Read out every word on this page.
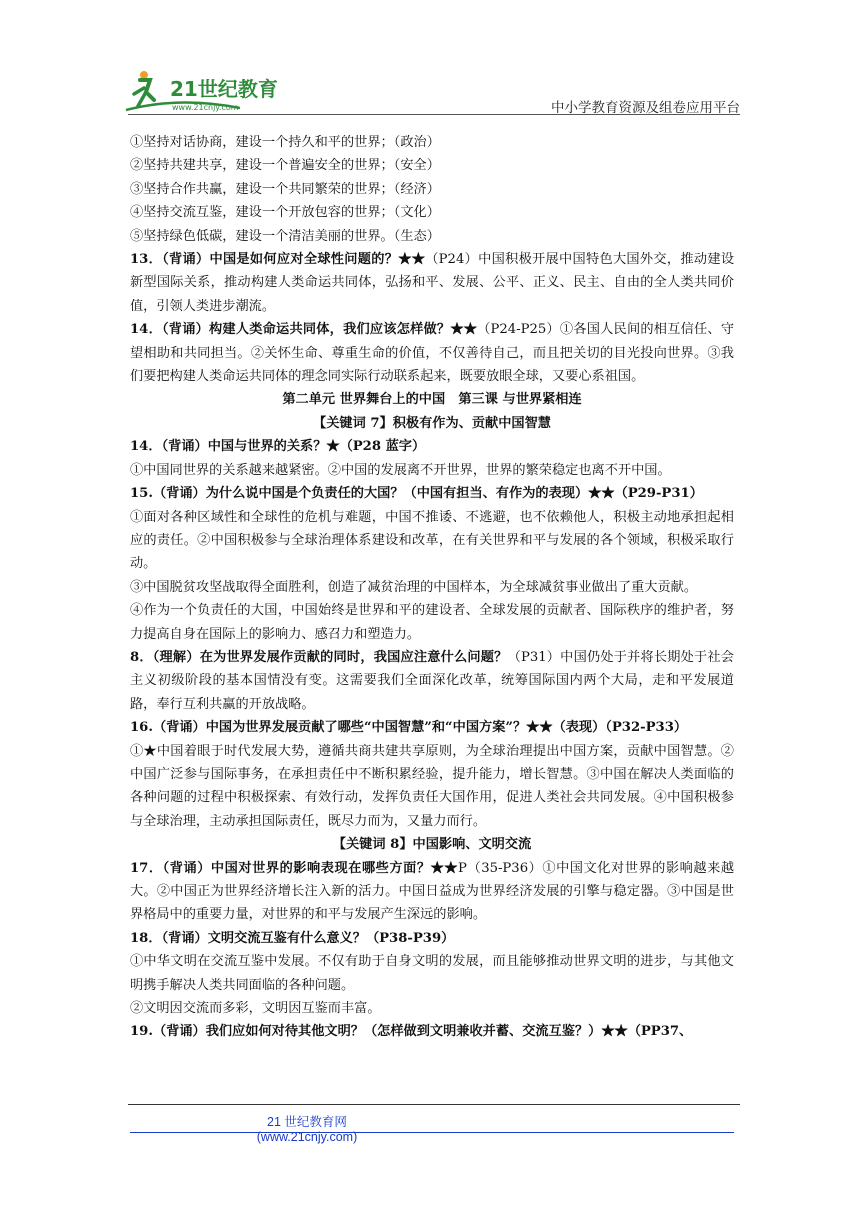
21世纪教育
www.21cnjy.com	中小学教育资源及组卷应用平台

①坚持对话协商，建设一个持久和平的世界；（政治）

②坚持共建共享，建设一个普遍安全的世界；（安全）

③坚持合作共赢，建设一个共同繁荣的世界；（经济）

④坚持交流互鉴，建设一个开放包容的世界；（文化）

⑤坚持绿色低碳，建设一个清洁美丽的世界。（生态）

13．（背诵）中国是如何应对全球性问题的？★★（P24）中国积极开展中国特色大国外交，推动建设新型国际关系，推动构建人类命运共同体，弘扬和平、发展、公平、正义、民主、自由的全人类共同价值，引领人类进步潮流。

14．（背诵）构建人类命运共同体，我们应该怎样做？★★（P24-P25）①各国人民间的相互信任、守望相助和共同担当。②关怀生命、尊重生命的价值，不仅善待自己，而且把关切的目光投向世界。③我们要把构建人类命运共同体的理念同实际行动联系起来，既要放眼全球，又要心系祖国。

第二单元 世界舞台上的中国　第三课 与世界紧相连

【关键词 7】积极有作为、贡献中国智慧

14．（背诵）中国与世界的关系？★（P28 蓝字）

①中国同世界的关系越来越紧密。②中国的发展离不开世界，世界的繁荣稳定也离不开中国。

15.（背诵）为什么说中国是个负责任的大国？（中国有担当、有作为的表现）★★（P29-P31）

①面对各种区域性和全球性的危机与难题，中国不推诿、不逃避，也不依赖他人，积极主动地承担起相应的责任。②中国积极参与全球治理体系建设和改革，在有关世界和平与发展的各个领域，积极采取行动。

③中国脱贫攻坚战取得全面胜利，创造了减贫治理的中国样本，为全球减贫事业做出了重大贡献。

④作为一个负责任的大国，中国始终是世界和平的建设者、全球发展的贡献者、国际秩序的维护者，努力提高自身在国际上的影响力、感召力和塑造力。

8．（理解）在为世界发展作贡献的同时，我国应注意什么问题？（P31）中国仍处于并将长期处于社会主义初级阶段的基本国情没有变。这需要我们全面深化改革，统筹国际国内两个大局，走和平发展道路，奉行互利共赢的开放战略。

16.（背诵）中国为世界发展贡献了哪些“中国智慧”和“中国方案”？★★（表现）（P32-P33）

①★中国着眼于时代发展大势，遵循共商共建共享原则，为全球治理提出中国方案，贡献中国智慧。②中国广泛参与国际事务，在承担责任中不断积累经验，提升能力，增长智慧。③中国在解决人类面临的各种问题的过程中积极探索、有效行动，发挥负责任大国作用，促进人类社会共同发展。④中国积极参与全球治理，主动承担国际责任，既尽力而为，又量力而行。

【关键词 8】中国影响、文明交流

17．（背诵）中国对世界的影响表现在哪些方面？★★P（35-P36）①中国文化对世界的影响越来越大。②中国正为世界经济增长注入新的活力。中国日益成为世界经济发展的引擎与稳定器。③中国是世界格局中的重要力量，对世界的和平与发展产生深远的影响。

18．（背诵）文明交流互鉴有什么意义？（P38-P39）

①中华文明在交流互鉴中发展。不仅有助于自身文明的发展，而且能够推动世界文明的进步，与其他文明携手解决人类共同面临的各种问题。

②文明因交流而多彩，文明因互鉴而丰富。

19.（背诵）我们应如何对待其他文明？（怎样做到文明兼收并蓄、交流互鉴？）★★（PP37、

21 世纪教育网(www.21cnjy.com)
